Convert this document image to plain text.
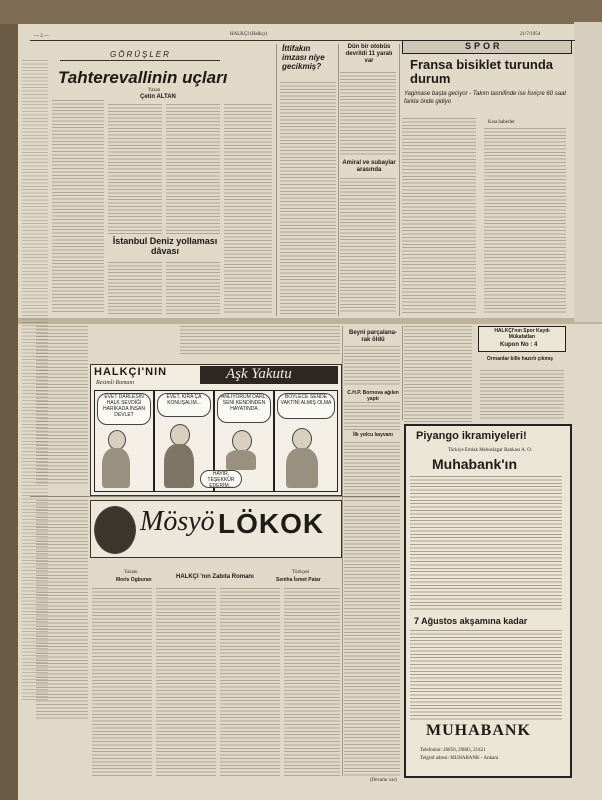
— 2 —	HALKÇI (Halkçı)	21/7/1954
GÖRÜŞLER
Tahterevallinin uçları
Yazan
Çetin ALTAN
İstanbul Deniz yollaması dâvası
İttifakın imzası niye gecikmiş?
Dün bir otobüs devrildi 11 yaralı var
Amiral ve subaylar arasında
SPOR
Fransa bisiklet turunda durum
Yagimase başta geciyor - Takım tasnifinde ise İsviçre 60 saat farkla önde gidiyo
Kısa haberler
Beyni parçalana-rak öldü
C.H.P. Bornova ağılen yaptı
İlk yolcu lıayvanı
HALKÇI'NIN
Resimli Romanı
Aşk Yakutu
EVET DARLESİN HALK SEVDİĞİ HARİKADA İNSAN DEVLET
EVET, KIRA ÇA KONUŞALIM...
ANLIYORUM DARL. SENİ KENDİNDEN HAYATINDA
BOYLECE SENDE VAKTİNİ ALMIŞ OLMA
HAYIR, TEŞEKKÜR EDERİM...
Mösyö LÖKOK
Yazanı
Moris Ogburan	HALKÇI 'nın Zabıta Romanı
Türkçesi
Seniha İsmet Patar
(Devamı var)
HALKÇI'nın Spor Kaydı Mükafatları
Kupon No : 4
Ormanlar kille hazırlı çıkmış
Piyango ikramiyeleri!
Türkiye Emlak Mebuslagar Bankası A. O.
Muhabank'ın
7 Ağustos akşamına kadar
MUHABANK
Telefonlar: 26850, 29883, 21421
Telgraf adresi: MUHABANK - Ankara
